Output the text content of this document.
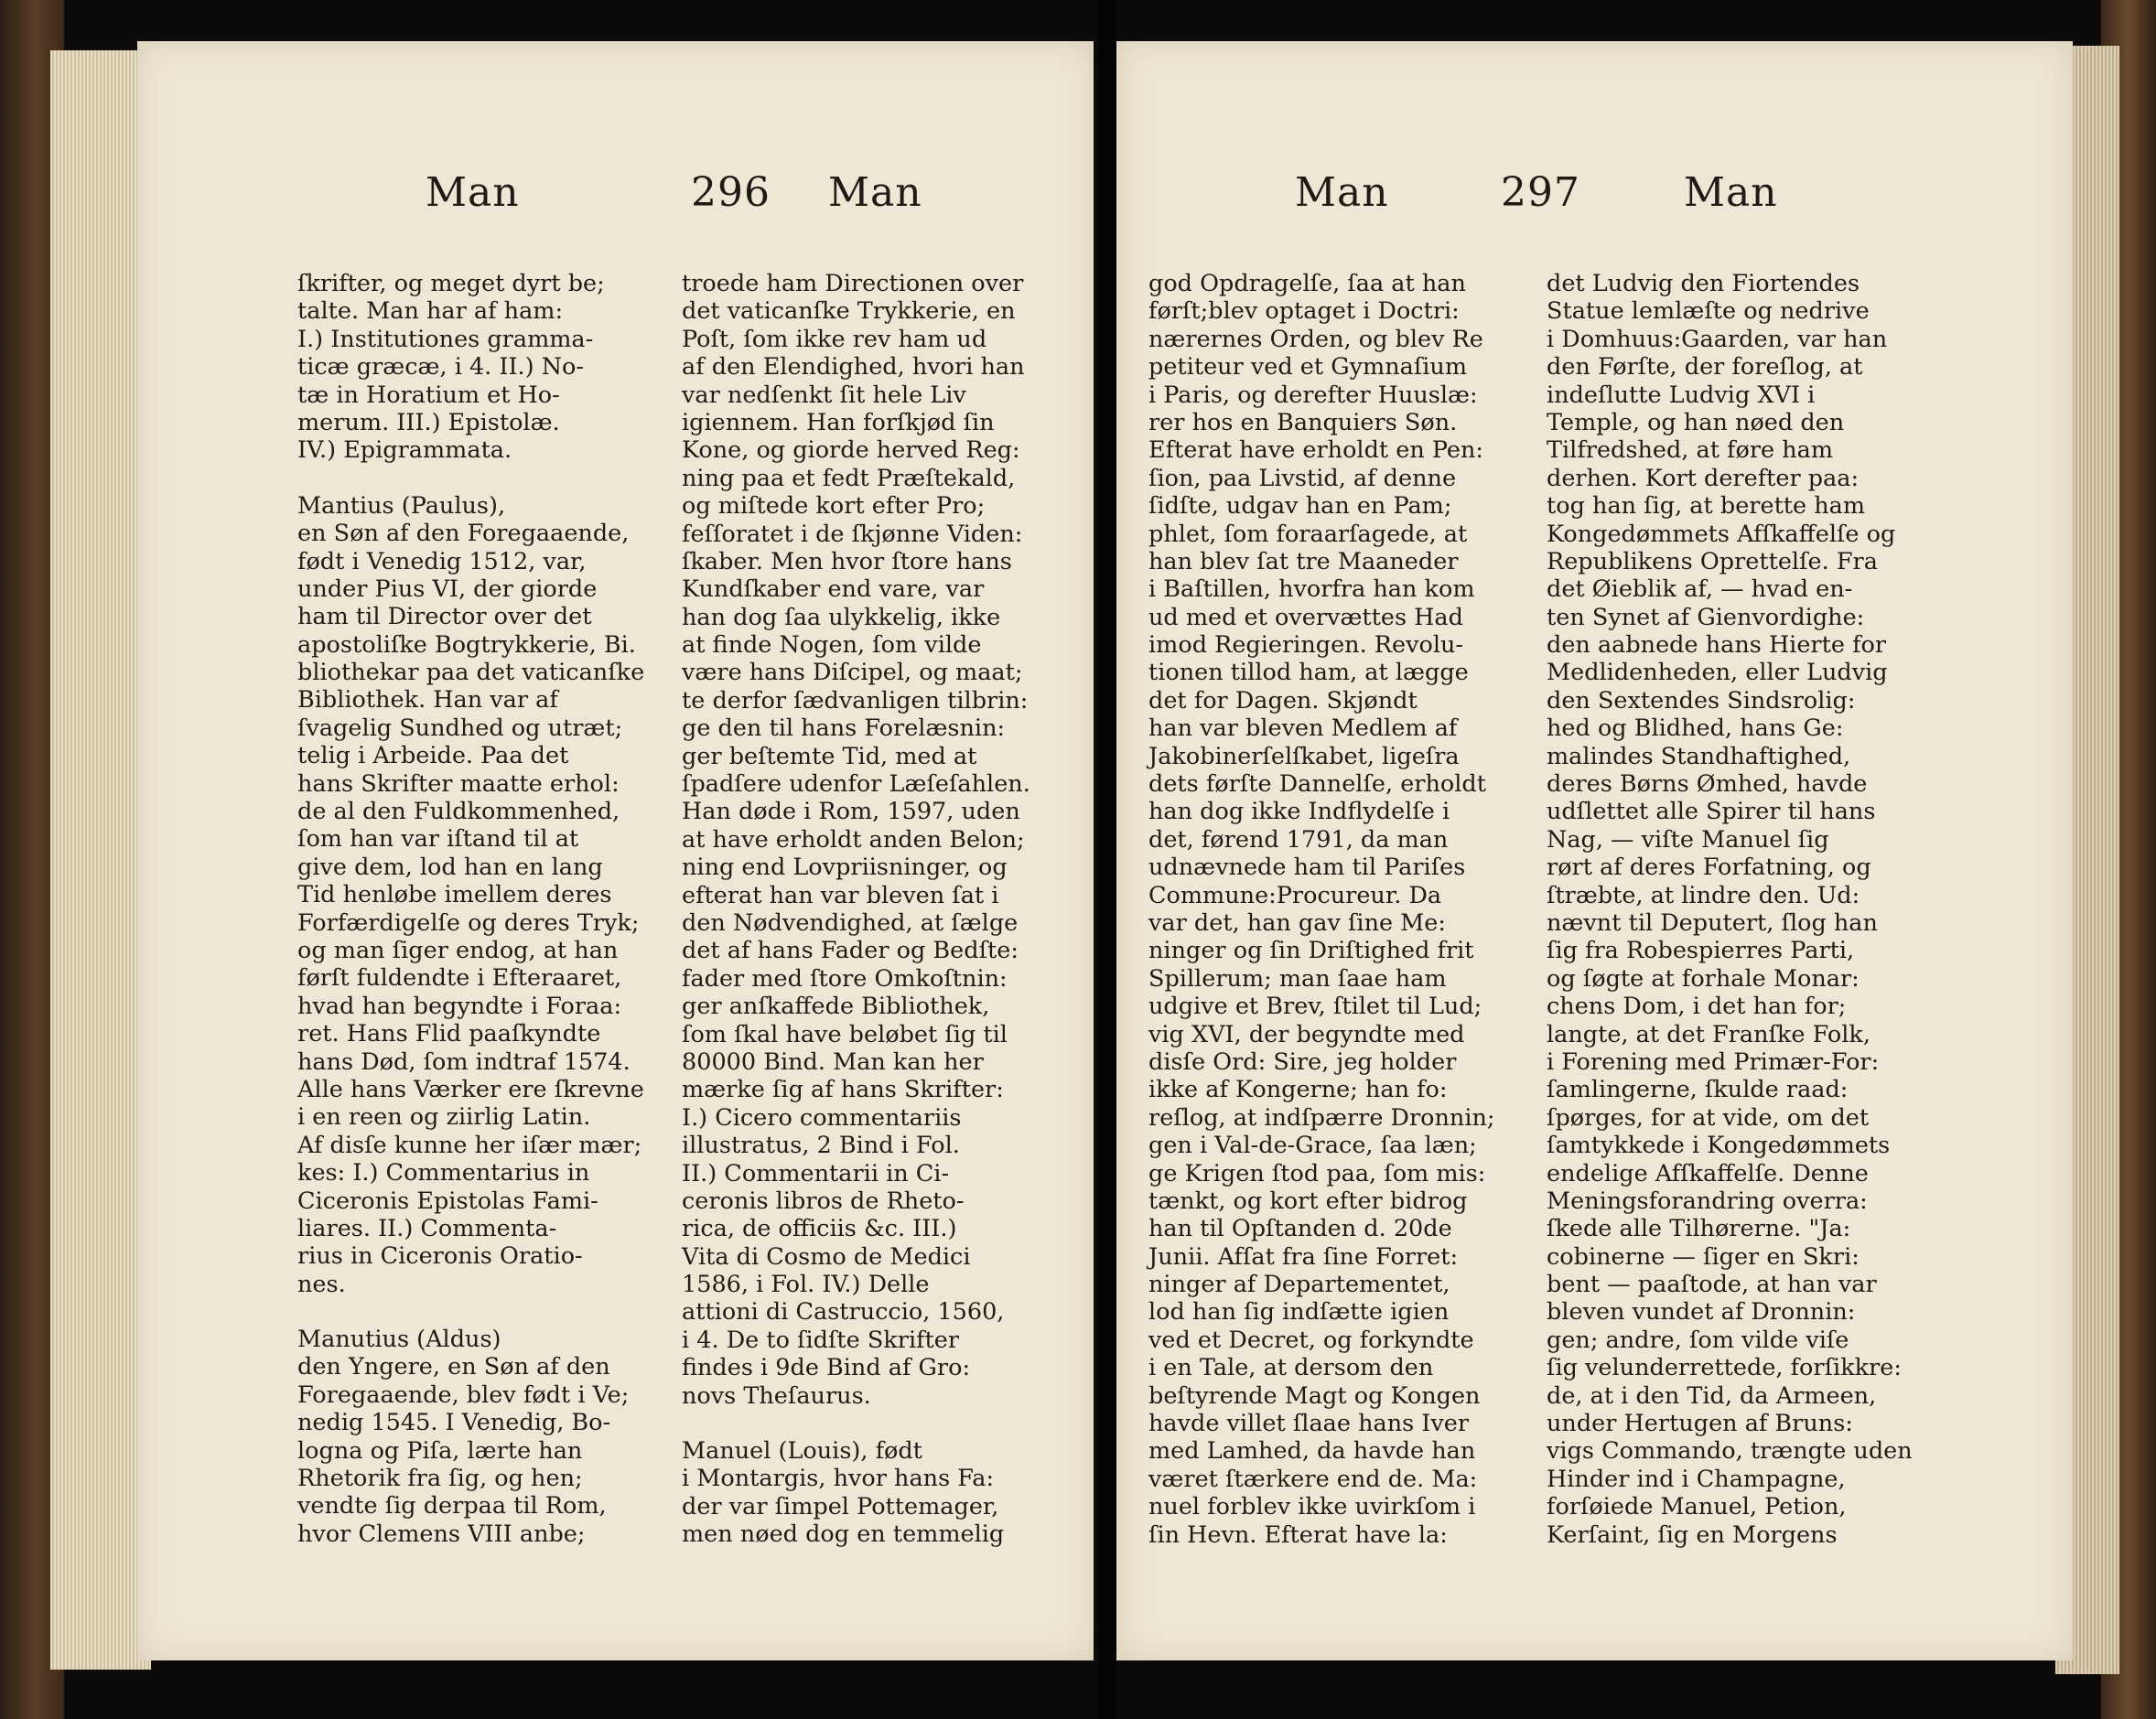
Man	296 Man
ſkrifter, og meget dyrt be;
talte. Man har af ham:
I.) Institutiones gramma-
ticæ græcæ, i 4. II.) No-
tæ in Horatium et Ho-
merum. III.) Epistolæ.
IV.) Epigrammata.
Mantius (Paulus),
en Søn af den Foregaaende,
født i Venedig 1512, var,
under Pius VI, der giorde
ham til Director over det
apostoliſke Bogtrykkerie, Bi.
bliothekar paa det vaticanſke
Bibliothek. Han var af
ſvagelig Sundhed og utræt;
telig i Arbeide. Paa det
hans Skrifter maatte erhol:
de al den Fuldkommenhed,
ſom han var iſtand til at
give dem, lod han en lang
Tid henløbe imellem deres
Forfærdigelſe og deres Tryk;
og man ſiger endog, at han
førſt fuldendte i Efteraaret,
hvad han begyndte i Foraa:
ret. Hans Flid paaſkyndte
hans Død, ſom indtraf 1574.
Alle hans Værker ere ſkrevne
i en reen og ziirlig Latin.
Af disſe kunne her iſær mær;
kes: I.) Commentarius in
Ciceronis Epistolas Fami-
liares. II.) Commenta-
rius in Ciceronis Oratio-
nes.
Manutius (Aldus)
den Yngere, en Søn af den
Foregaaende, blev født i Ve;
nedig 1545. I Venedig, Bo-
logna og Piſa, lærte han
Rhetorik fra ſig, og hen;
vendte ſig derpaa til Rom,
hvor Clemens VIII anbe;
troede ham Directionen over
det vaticanſke Trykkerie, en
Poſt, ſom ikke rev ham ud
af den Elendighed, hvori han
var nedſenkt ſit hele Liv
igiennem. Han forſkjød ſin
Kone, og giorde herved Reg:
ning paa et fedt Præſtekald,
og miſtede kort efter Pro;
feſſoratet i de ſkjønne Viden:
ſkaber. Men hvor ſtore hans
Kundſkaber end vare, var
han dog ſaa ulykkelig, ikke
at finde Nogen, ſom vilde
være hans Diſcipel, og maat;
te derfor ſædvanligen tilbrin:
ge den til hans Forelæsnin:
ger beſtemte Tid, med at
ſpadſere udenfor Læſeſahlen.
Han døde i Rom, 1597, uden
at have erholdt anden Belon;
ning end Lovpriisninger, og
efterat han var bleven ſat i
den Nødvendighed, at ſælge
det af hans Fader og Bedſte:
fader med ſtore Omkoſtnin:
ger anſkaffede Bibliothek,
ſom ſkal have beløbet ſig til
80000 Bind. Man kan her
mærke ſig af hans Skrifter:
I.) Cicero commentariis
illustratus, 2 Bind i Fol.
II.) Commentarii in Ci-
ceronis libros de Rheto-
rica, de officiis &c. III.)
Vita di Cosmo de Medici
1586, i Fol. IV.) Delle
attioni di Castruccio, 1560,
i 4. De to ſidſte Skrifter
findes i 9de Bind af Gro:
novs Theſaurus.
Manuel (Louis), født
i Montargis, hvor hans Fa:
der var ſimpel Pottemager,
men nøed dog en temmelig
Man	297	Man
god Opdragelſe, ſaa at han
førſt;blev optaget i Doctri:
nærernes Orden, og blev Re
petiteur ved et Gymnaſium
i Paris, og derefter Huuslæ:
rer hos en Banquiers Søn.
Efterat have erholdt en Pen:
ſion, paa Livstid, af denne
ſidſte, udgav han en Pam;
phlet, ſom foraarſagede, at
han blev ſat tre Maaneder
i Baſtillen, hvorfra han kom
ud med et overvættes Had
imod Regieringen. Revolu-
tionen tillod ham, at lægge
det for Dagen. Skjøndt
han var bleven Medlem af
Jakobinerſelſkabet, ligeſra
dets førſte Dannelſe, erholdt
han dog ikke Indflydelſe i
det, førend 1791, da man
udnævnede ham til Pariſes
Commune:Procureur. Da
var det, han gav ſine Me:
ninger og ſin Driſtighed frit
Spillerum; man ſaae ham
udgive et Brev, ſtilet til Lud;
vig XVI, der begyndte med
disſe Ord: Sire, jeg holder
ikke af Kongerne; han fo:
reſlog, at indſpærre Dronnin;
gen i Val-de-Grace, ſaa læn;
ge Krigen ſtod paa, ſom mis:
tænkt, og kort efter bidrog
han til Opſtanden d. 20de
Junii. Afſat fra ſine Forret:
ninger af Departementet,
lod han ſig indſætte igien
ved et Decret, og forkyndte
i en Tale, at dersom den
beſtyrende Magt og Kongen
havde villet ſlaae hans Iver
med Lamhed, da havde han
været ſtærkere end de. Ma:
nuel forblev ikke uvirkſom i
ſin Hevn. Efterat have la:
det Ludvig den Fiortendes
Statue lemlæſte og nedrive
i Domhuus:Gaarden, var han
den Førſte, der foreſlog, at
indeſlutte Ludvig XVI i
Temple, og han nøed den
Tilfredshed, at føre ham
derhen. Kort derefter paa:
tog han ſig, at berette ham
Kongedømmets Afſkaffelſe og
Republikens Oprettelſe. Fra
det Øieblik af, — hvad en-
ten Synet af Gienvordighe:
den aabnede hans Hierte for
Medlidenheden, eller Ludvig
den Sextendes Sindsrolig:
hed og Blidhed, hans Ge:
malindes Standhaftighed,
deres Børns Ømhed, havde
udſlettet alle Spirer til hans
Nag, — viſte Manuel ſig
rørt af deres Forfatning, og
ſtræbte, at lindre den. Ud:
nævnt til Deputert, ſlog han
ſig fra Robespierres Parti,
og ſøgte at forhale Monar:
chens Dom, i det han for;
langte, at det Franſke Folk,
i Forening med Primær-For:
ſamlingerne, ſkulde raad:
ſpørges, for at vide, om det
ſamtykkede i Kongedømmets
endelige Afſkaffelſe. Denne
Meningsforandring overra:
ſkede alle Tilhørerne. "Ja:
cobinerne — ſiger en Skri:
bent — paaſtode, at han var
bleven vundet af Dronnin:
gen; andre, ſom vilde viſe
ſig velunderrettede, forſikkre:
de, at i den Tid, da Armeen,
under Hertugen af Bruns:
vigs Commando, trængte uden
Hinder ind i Champagne,
forſøiede Manuel, Petion,
Kerſaint, ſig en Morgens
